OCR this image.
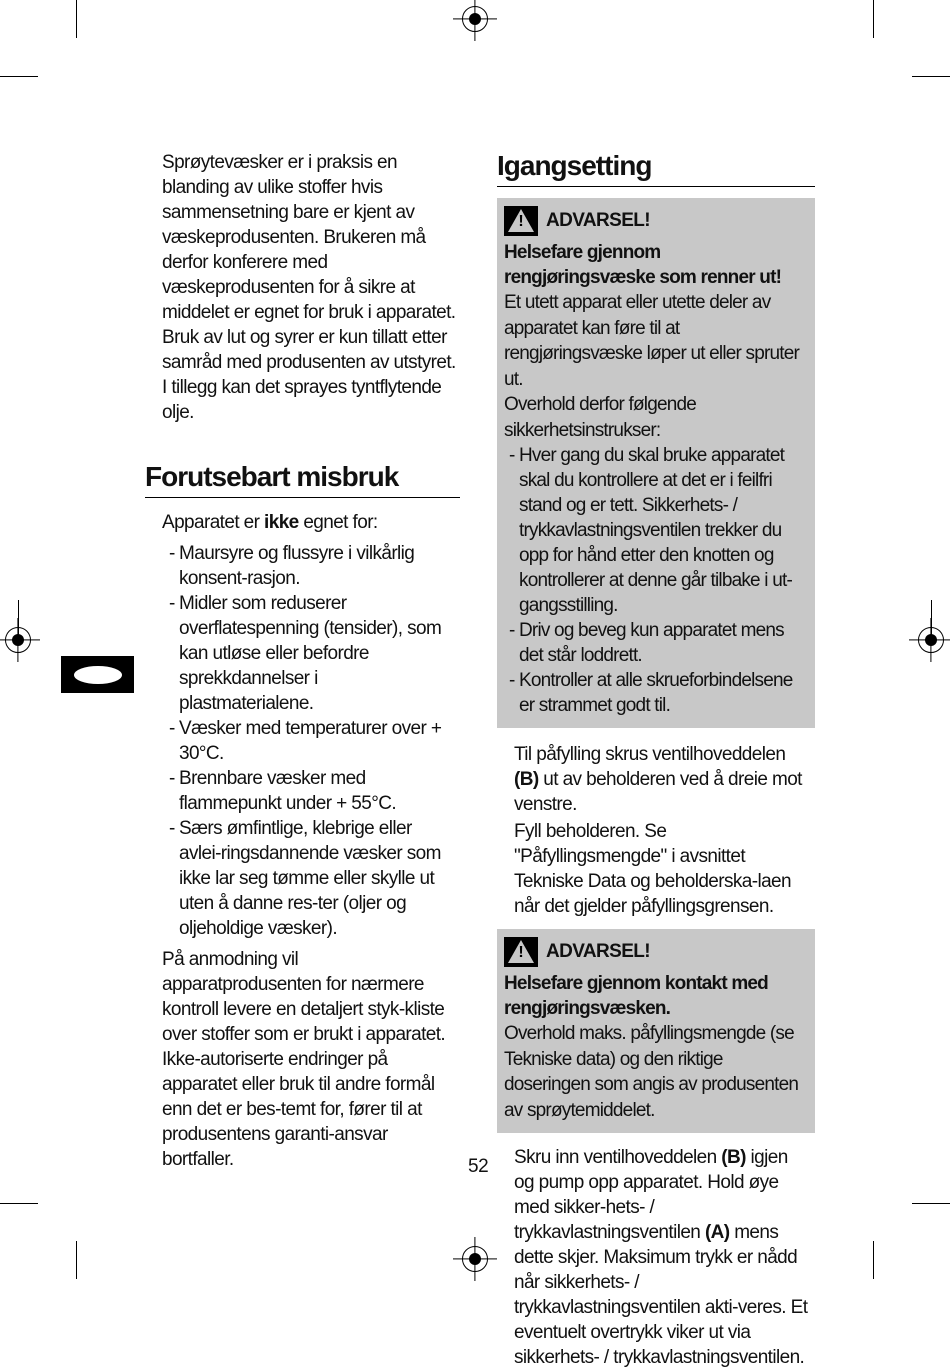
Sprøytevæsker er i praksis en blanding av ulike stoffer hvis sammensetning bare er kjent av væskeprodusenten. Brukeren må derfor konferere med væskeprodusenten for å sikre at middelet er egnet for bruk i apparatet. Bruk av lut og syrer er kun tillatt etter samråd med produsenten av utstyret. I tillegg kan det sprayes tyntflytende olje.

Forutsebart misbruk

Apparatet er ikke egnet for:

- Maursyre og flussyre i vilkårlig konsent-rasjon.
- Midler som reduserer overflatespenning (tensider), som kan utløse eller befordre sprekkdannelser i plastmaterialene.
- Væsker med temperaturer over + 30°C.
- Brennbare væsker med flammepunkt under + 55°C.
- Særs ømfintlige, klebrige eller avlei-ringsdannende væsker som ikke lar seg tømme eller skylle ut uten å danne res-ter (oljer og oljeholdige væsker).

På anmodning vil apparatprodusenten for nærmere kontroll levere en detaljert styk-kliste over stoffer som er brukt i apparatet.

Ikke-autoriserte endringer på apparatet eller bruk til andre formål enn det er bes-temt for, fører til at produsentens garanti-ansvar bortfaller.

Igangsetting
!	ADVARSEL!

Helsefare gjennom rengjøringsvæske som renner ut!

Et utett apparat eller utette deler av apparatet kan føre til at rengjøringsvæske løper ut eller spruter ut.

Overhold derfor følgende sikkerhetsinstrukser:

- Hver gang du skal bruke apparatet skal du kontrollere at det er i feilfri stand og er tett. Sikkerhets- / trykkavlastningsventilen trekker du opp for hånd etter den knotten og kontrollerer at denne går tilbake i ut-gangsstilling.
- Driv og beveg kun apparatet mens det står loddrett.
- Kontroller at alle skrueforbindelsene er strammet godt til.

Til påfylling skrus ventilhoveddelen (B) ut av beholderen ved å dreie mot venstre.

Fyll beholderen. Se "Påfyllingsmengde" i avsnittet Tekniske Data og beholderska-laen når det gjelder påfyllingsgrensen.

!	ADVARSEL!

Helsefare gjennom kontakt med rengjøringsvæsken.

Overhold maks. påfyllingsmengde (se Tekniske data) og den riktige doseringen som angis av produsenten av sprøytemiddelet.

Skru inn ventilhoveddelen (B) igjen og pump opp apparatet. Hold øye med sikker-hets- / trykkavlastningsventilen (A) mens dette skjer. Maksimum trykk er nådd når sikkerhets- / trykkavlastningsventilen akti-veres. Et eventuelt overtrykk viker ut via sikkerhets- / trykkavlastningsventilen.

52
